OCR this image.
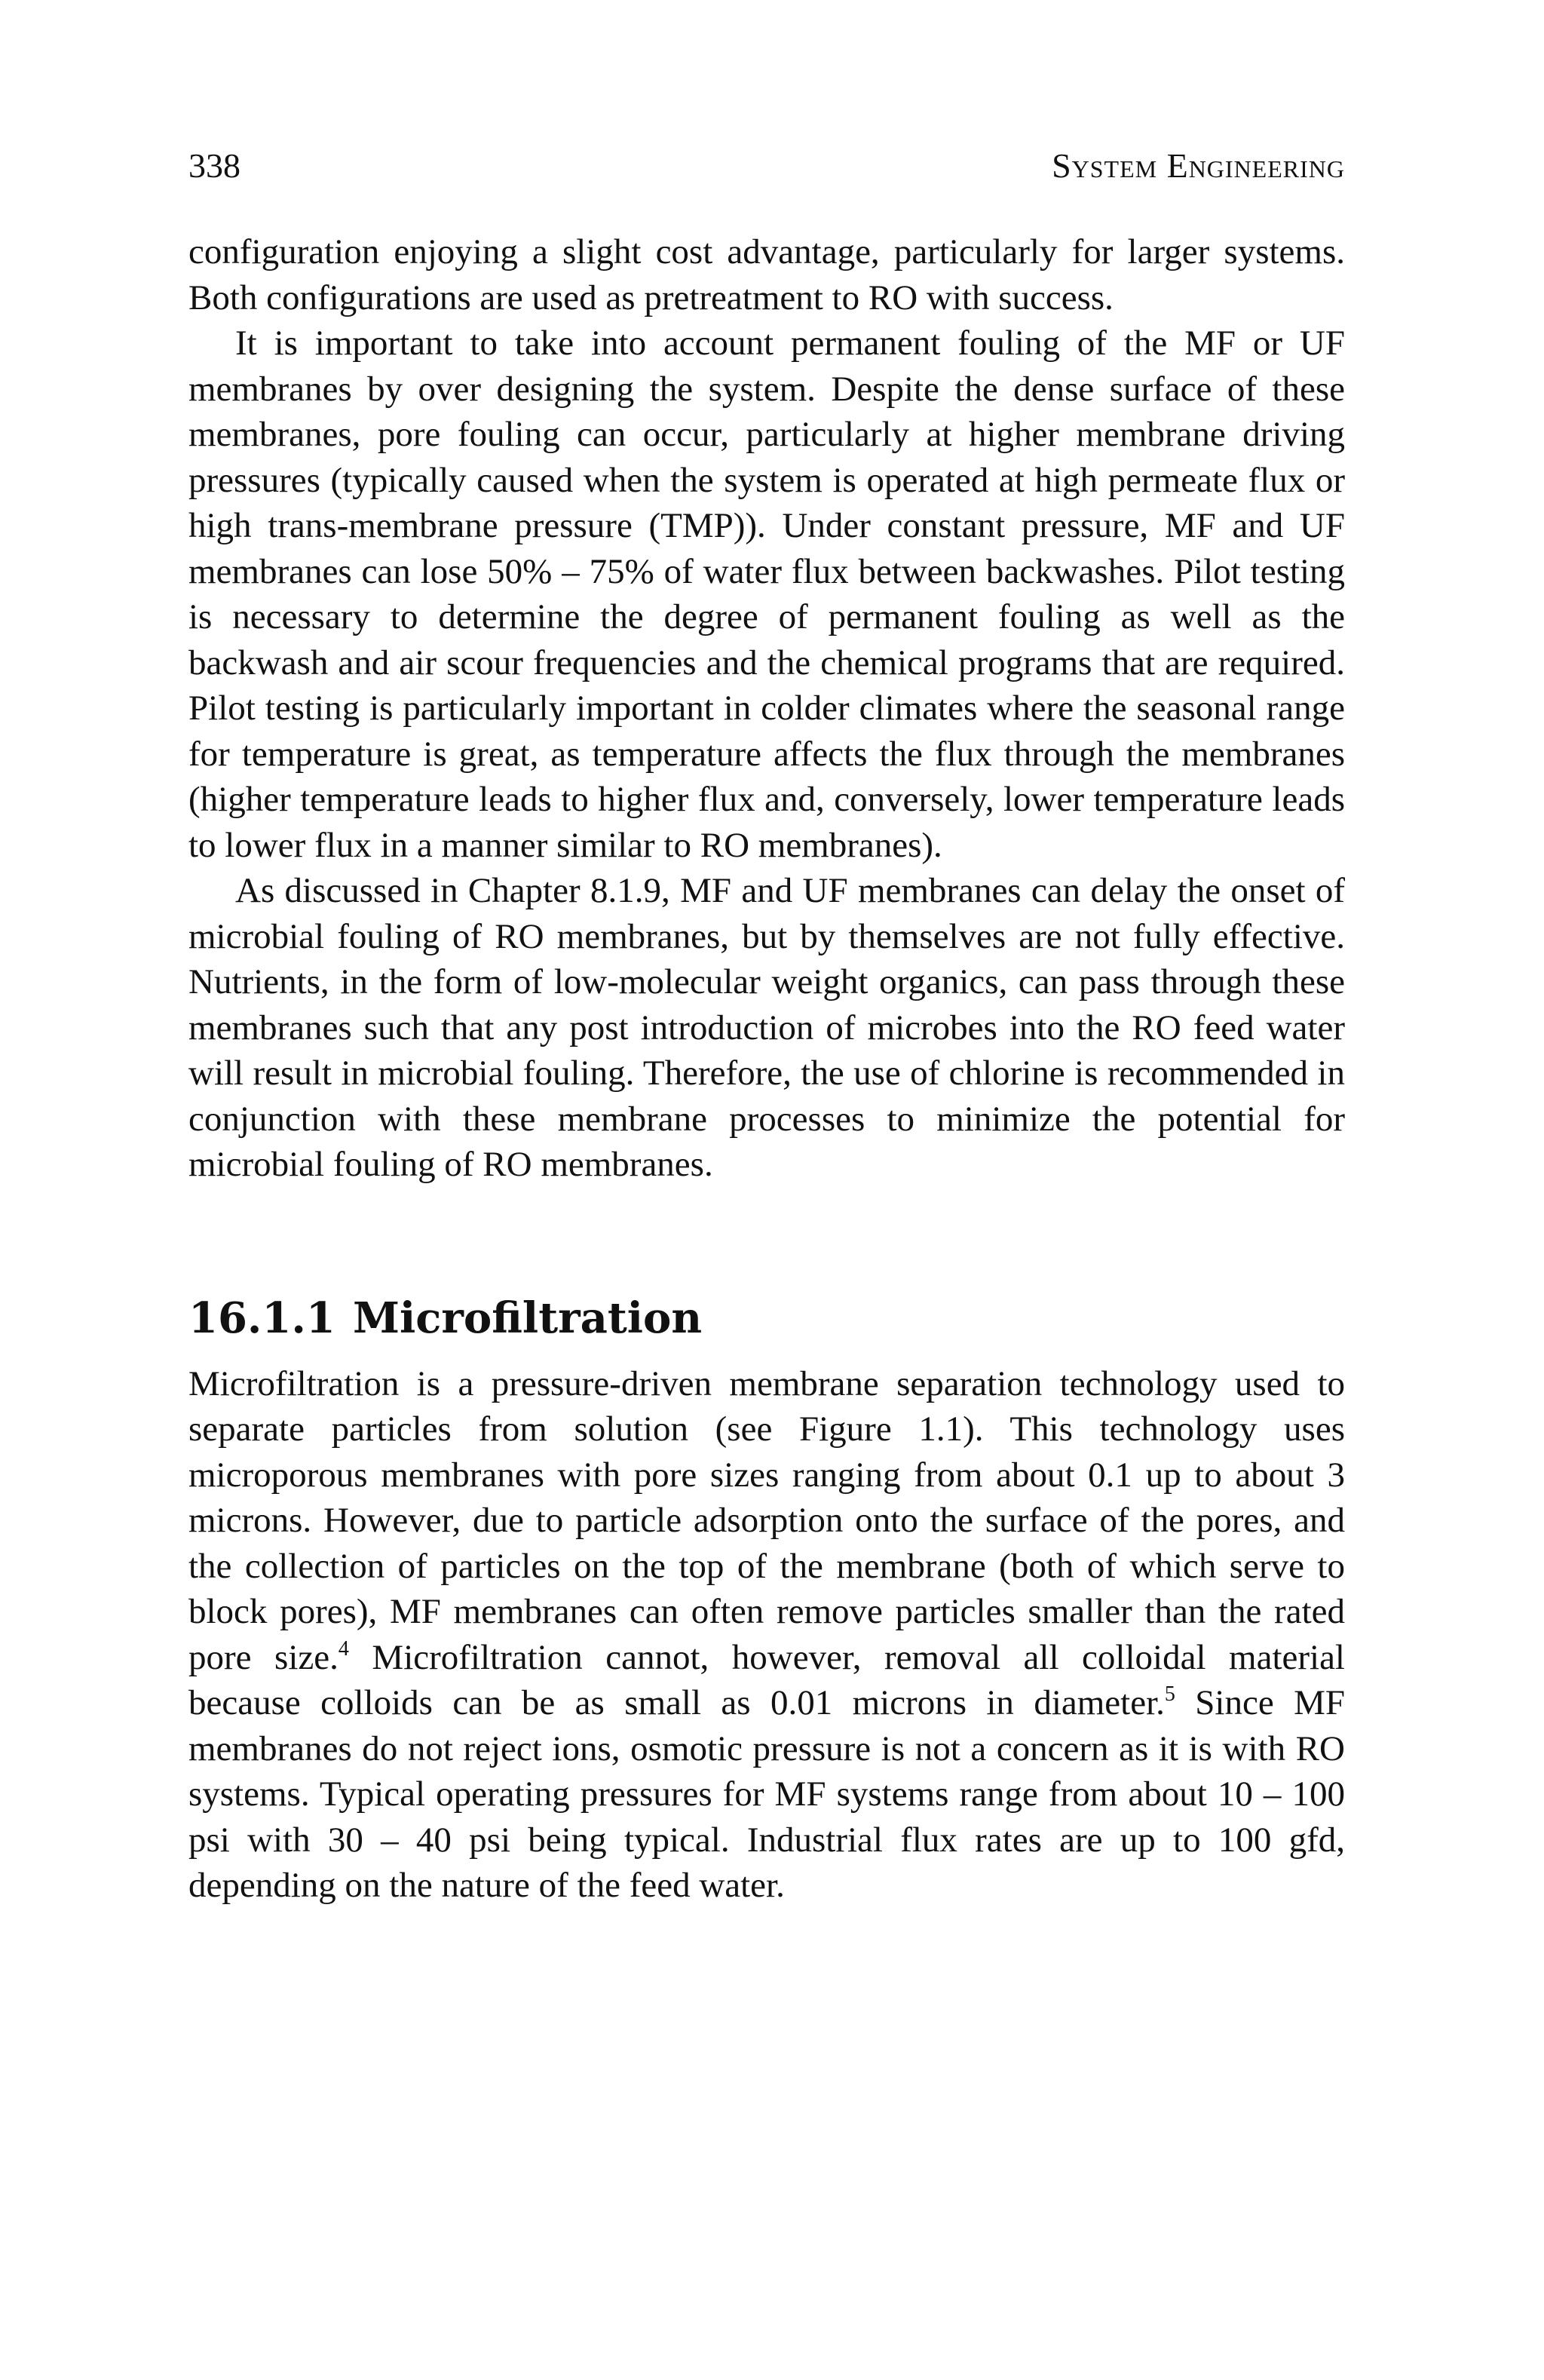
338	System Engineering

configuration enjoying a slight cost advantage, particularly for larger systems. Both configurations are used as pretreatment to RO with success.

It is important to take into account permanent fouling of the MF or UF membranes by over designing the system. Despite the dense surface of these membranes, pore fouling can occur, particularly at higher membrane driving pressures (typically caused when the system is operated at high permeate flux or high trans-membrane pressure (TMP)). Under constant pressure, MF and UF membranes can lose 50% – 75% of water flux between backwashes. Pilot testing is necessary to determine the degree of permanent fouling as well as the backwash and air scour frequencies and the chemical programs that are required. Pilot testing is particularly important in colder climates where the seasonal range for temperature is great, as temperature affects the flux through the membranes (higher temperature leads to higher flux and, conversely, lower temperature leads to lower flux in a manner similar to RO membranes).

As discussed in Chapter 8.1.9, MF and UF membranes can delay the onset of microbial fouling of RO membranes, but by themselves are not fully effective. Nutrients, in the form of low-molecular weight organics, can pass through these membranes such that any post introduction of microbes into the RO feed water will result in microbial fouling. Therefore, the use of chlorine is recommended in conjunction with these membrane processes to minimize the potential for microbial fouling of RO membranes.

16.1.1 Microfiltration

Microfiltration is a pressure-driven membrane separation technology used to separate particles from solution (see Figure 1.1). This technology uses microporous membranes with pore sizes ranging from about 0.1 up to about 3 microns. However, due to particle adsorption onto the surface of the pores, and the collection of particles on the top of the membrane (both of which serve to block pores), MF membranes can often remove particles smaller than the rated pore size.$^4$ Microfiltration cannot, however, removal all colloidal material because colloids can be as small as 0.01 microns in diameter.$^5$ Since MF membranes do not reject ions, osmotic pressure is not a concern as it is with RO systems. Typical operating pressures for MF systems range from about 10 – 100 psi with 30 – 40 psi being typical. Industrial flux rates are up to 100 gfd, depending on the nature of the feed water.
